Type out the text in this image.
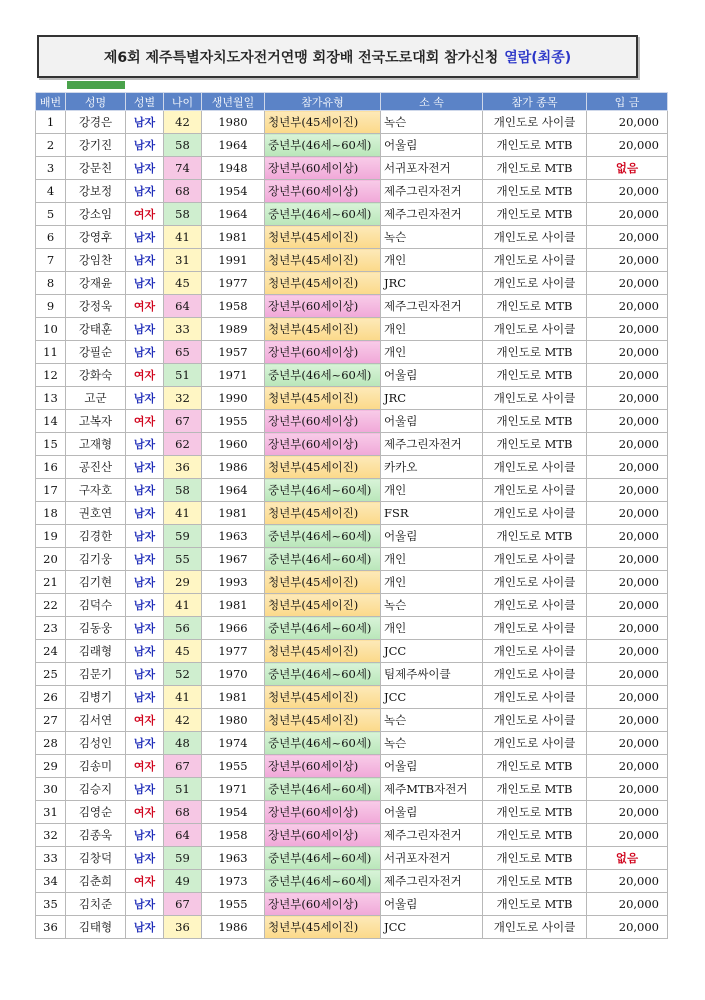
제6회 제주특별자치도자전거연맹 회장배 전국도로대회 참가신청 열람(최종)
배번	성명	성별	나이	생년월일	참가유형	소 속	참가 종목	입 금
1	강경은	남자	42	1980	청년부(45세이진)	녹슨	개인도로 사이클	20,000
2	강기진	남자	58	1964	중년부(46세~60세)	어울림	개인도로 MTB	20,000
3	강문친	남자	74	1948	장년부(60세이상)	서귀포자전거	개인도로 MTB	없음
4	강보정	남자	68	1954	장년부(60세이상)	제주그린자전거	개인도로 MTB	20,000
5	강소임	여자	58	1964	중년부(46세~60세)	제주그린자전거	개인도로 MTB	20,000
6	강영후	남자	41	1981	청년부(45세이진)	녹슨	개인도로 사이클	20,000
7	강임찬	남자	31	1991	청년부(45세이진)	개인	개인도로 사이클	20,000
8	강재윤	남자	45	1977	청년부(45세이진)	JRC	개인도로 사이클	20,000
9	강정욱	여자	64	1958	장년부(60세이상)	제주그린자전거	개인도로 MTB	20,000
10	강태훈	남자	33	1989	청년부(45세이진)	개인	개인도로 사이클	20,000
11	강필순	남자	65	1957	장년부(60세이상)	개인	개인도로 MTB	20,000
12	강화숙	여자	51	1971	중년부(46세~60세)	어울림	개인도로 MTB	20,000
13	고군	남자	32	1990	청년부(45세이진)	JRC	개인도로 사이클	20,000
14	고복자	여자	67	1955	장년부(60세이상)	어울림	개인도로 MTB	20,000
15	고재형	남자	62	1960	장년부(60세이상)	제주그린자전거	개인도로 MTB	20,000
16	공진산	남자	36	1986	청년부(45세이진)	카카오	개인도로 사이클	20,000
17	구자호	남자	58	1964	중년부(46세~60세)	개인	개인도로 사이클	20,000
18	권호연	남자	41	1981	청년부(45세이진)	FSR	개인도로 사이클	20,000
19	김경한	남자	59	1963	중년부(46세~60세)	어울림	개인도로 MTB	20,000
20	김기웅	남자	55	1967	중년부(46세~60세)	개인	개인도로 사이클	20,000
21	김기현	남자	29	1993	청년부(45세이진)	개인	개인도로 사이클	20,000
22	김덕수	남자	41	1981	청년부(45세이진)	녹슨	개인도로 사이클	20,000
23	김동웅	남자	56	1966	중년부(46세~60세)	개인	개인도로 사이클	20,000
24	김래형	남자	45	1977	청년부(45세이진)	JCC	개인도로 사이클	20,000
25	김문기	남자	52	1970	중년부(46세~60세)	팀제주싸이클	개인도로 사이클	20,000
26	김병기	남자	41	1981	청년부(45세이진)	JCC	개인도로 사이클	20,000
27	김서연	여자	42	1980	청년부(45세이진)	녹슨	개인도로 사이클	20,000
28	김성인	남자	48	1974	중년부(46세~60세)	녹슨	개인도로 사이클	20,000
29	김송미	여자	67	1955	장년부(60세이상)	어울림	개인도로 MTB	20,000
30	김승지	남자	51	1971	중년부(46세~60세)	제주MTB자전거	개인도로 MTB	20,000
31	김영순	여자	68	1954	장년부(60세이상)	어울림	개인도로 MTB	20,000
32	김종욱	남자	64	1958	장년부(60세이상)	제주그린자전거	개인도로 MTB	20,000
33	김창덕	남자	59	1963	중년부(46세~60세)	서귀포자전거	개인도로 MTB	없음
34	김춘희	여자	49	1973	중년부(46세~60세)	제주그린자전거	개인도로 MTB	20,000
35	김치준	남자	67	1955	장년부(60세이상)	어울림	개인도로 MTB	20,000
36	김태형	남자	36	1986	청년부(45세이진)	JCC	개인도로 사이클	20,000
